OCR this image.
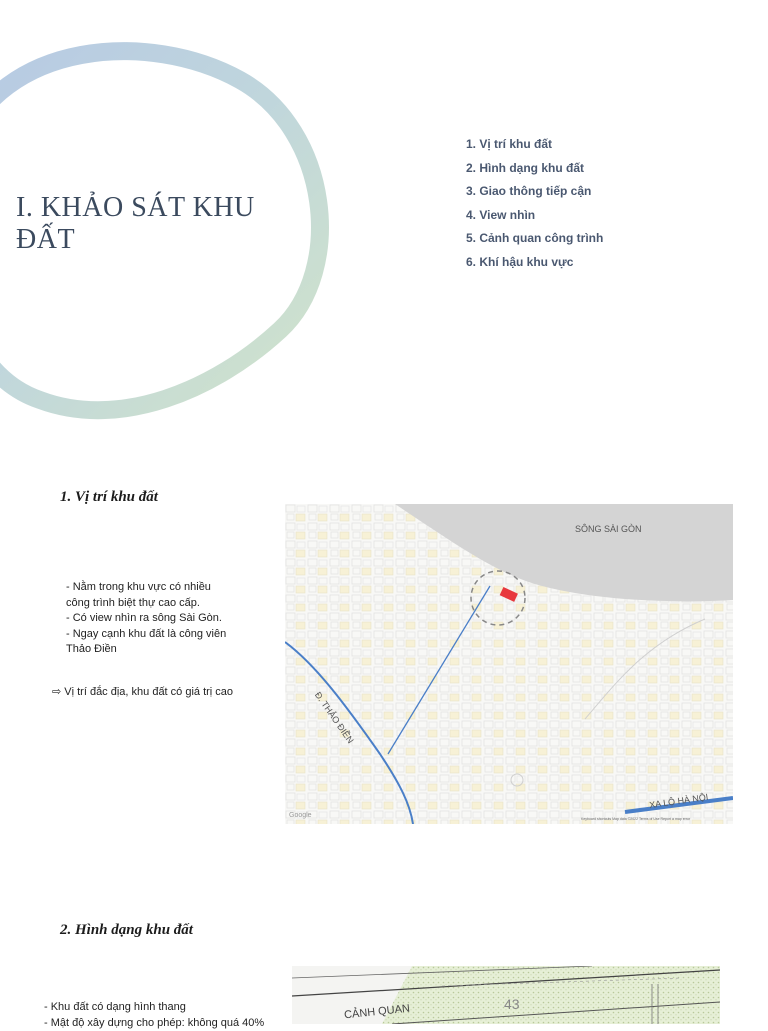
I. KHẢO SÁT KHU ĐẤT
1. Vị trí khu đất
2. Hình dạng khu đất
3. Giao thông tiếp cận
4. View nhìn
5. Cảnh quan công trình
6. Khí hậu khu vực
1. Vị trí khu đất
- Nằm trong khu vực có nhiều
công trình biệt thự cao cấp.
- Có view nhìn ra sông Sài Gòn.
- Ngay cạnh khu đất là công viên
Thảo Điền
⇨ Vị trí đắc địa, khu đất có giá trị cao
SÔNG SÀI GÒN
Đ. THẢO ĐIỀN
XA LỘ HÀ NỘI
Google	Keyboard shortcuts Map data ©2022 Terms of Use Report a map error
2. Hình dạng khu đất
- Khu đất có dạng hình thang
- Mật độ xây dựng cho phép: không quá 40%
43
CẢNH QUAN
